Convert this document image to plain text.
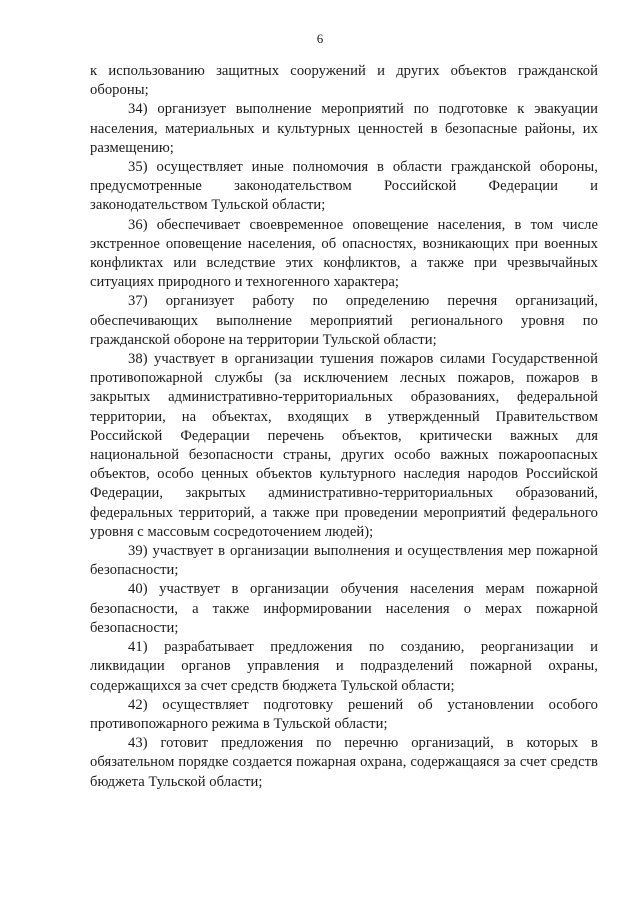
6

к использованию защитных сооружений и других объектов гражданской обороны;

34) организует выполнение мероприятий по подготовке к эвакуации населения, материальных и культурных ценностей в безопасные районы, их размещению;

35) осуществляет иные полномочия в области гражданской обороны, предусмотренные законодательством Российской Федерации и законодательством Тульской области;

36) обеспечивает своевременное оповещение населения, в том числе экстренное оповещение населения, об опасностях, возникающих при военных конфликтах или вследствие этих конфликтов, а также при чрезвычайных ситуациях природного и техногенного характера;

37) организует работу по определению перечня организаций, обеспечивающих выполнение мероприятий регионального уровня по гражданской обороне на территории Тульской области;

38) участвует в организации тушения пожаров силами Государственной противопожарной службы (за исключением лесных пожаров, пожаров в закрытых административно-территориальных образованиях, федеральной территории, на объектах, входящих в утвержденный Правительством Российской Федерации перечень объектов, критически важных для национальной безопасности страны, других особо важных пожароопасных объектов, особо ценных объектов культурного наследия народов Российской Федерации, закрытых административно-территориальных образований, федеральных территорий, а также при проведении мероприятий федерального уровня с массовым сосредоточением людей);

39) участвует в организации выполнения и осуществления мер пожарной безопасности;

40) участвует в организации обучения населения мерам пожарной безопасности, а также информировании населения о мерах пожарной безопасности;

41) разрабатывает предложения по созданию, реорганизации и ликвидации органов управления и подразделений пожарной охраны, содержащихся за счет средств бюджета Тульской области;

42) осуществляет подготовку решений об установлении особого противопожарного режима в Тульской области;

43) готовит предложения по перечню организаций, в которых в обязательном порядке создается пожарная охрана, содержащаяся за счет средств бюджета Тульской области;
